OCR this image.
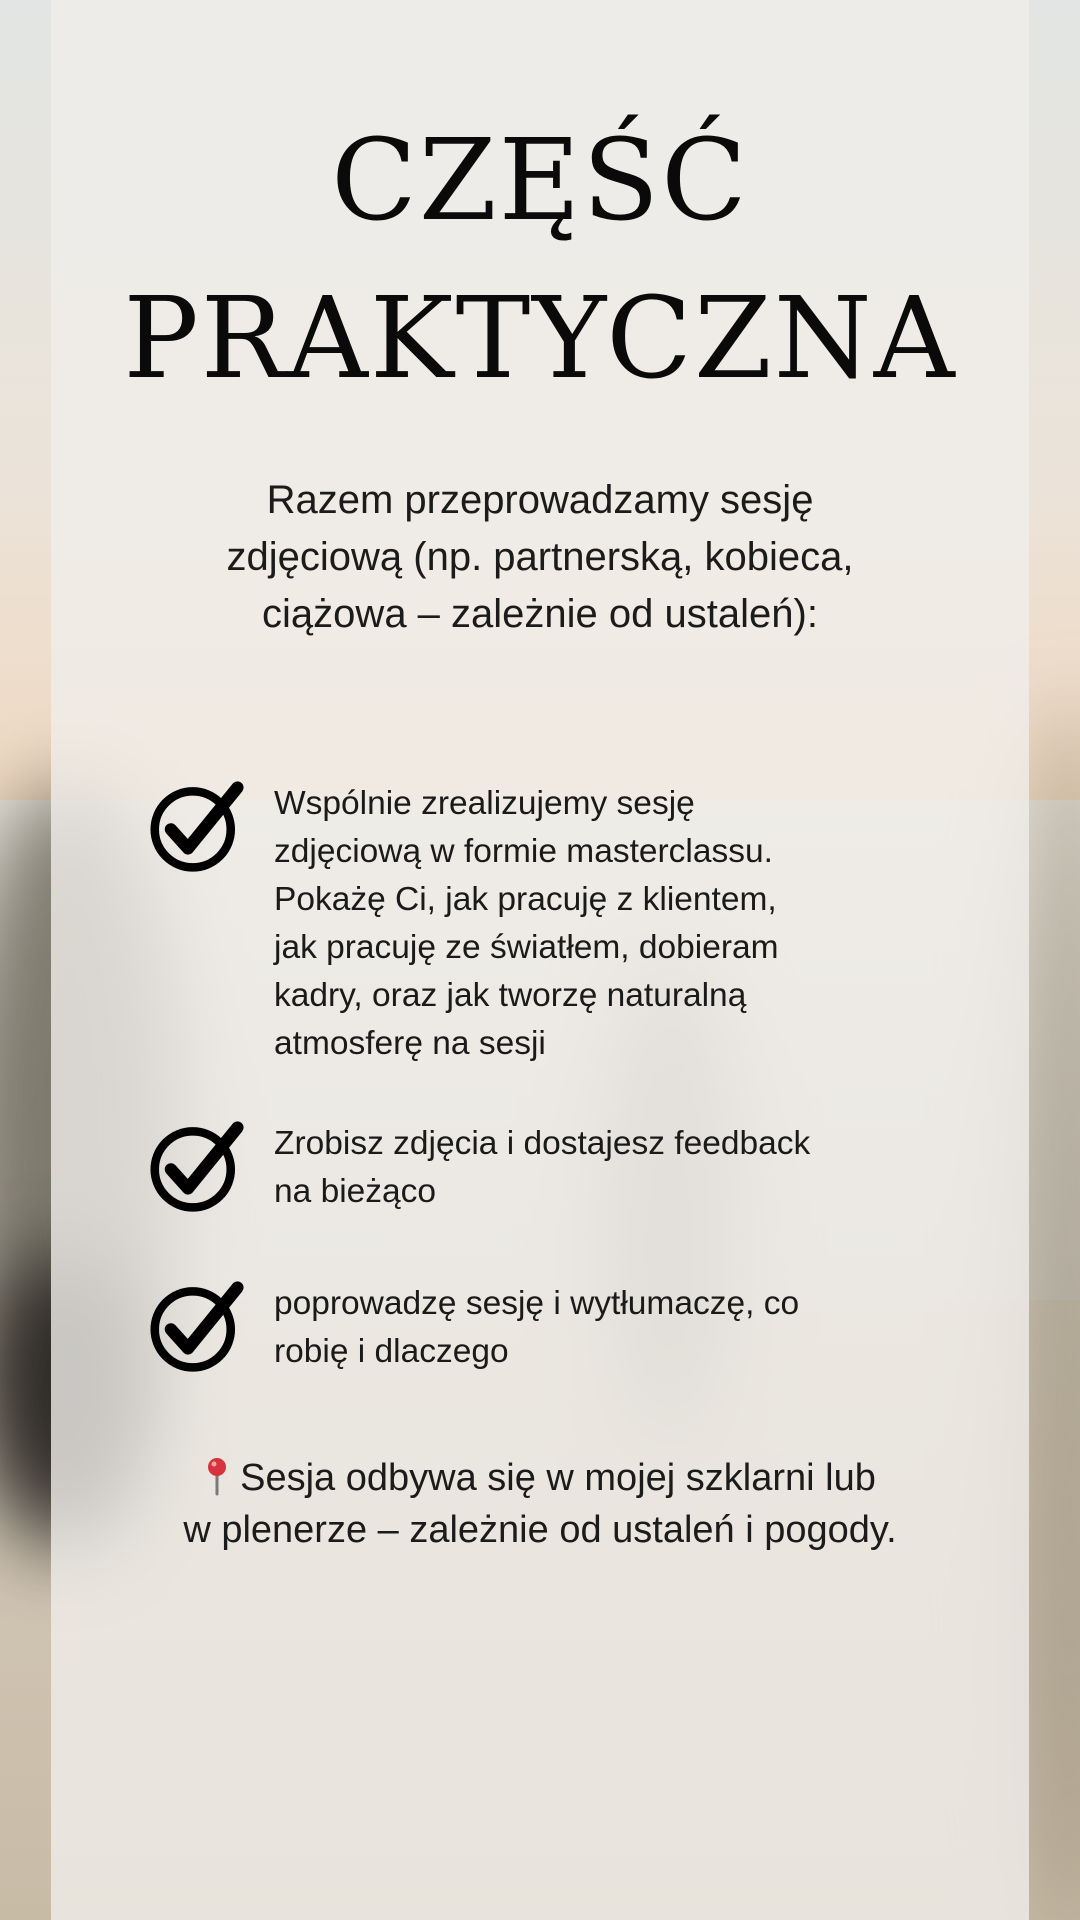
CZĘŚĆ
PRAKTYCZNA

Razem przeprowadzamy sesję
zdjęciową (np. partnerską, kobieca,
ciążowa – zależnie od ustaleń):

Wspólnie zrealizujemy sesję
zdjęciową w formie masterclassu.
Pokażę Ci, jak pracuję z klientem,
jak pracuję ze światłem, dobieram
kadry, oraz jak tworzę naturalną
atmosferę na sesji

Zrobisz zdjęcia i dostajesz feedback
na bieżąco

poprowadzę sesję i wytłumaczę, co
robię i dlaczego

Sesja odbywa się w mojej szklarni lub
w plenerze – zależnie od ustaleń i pogody.
